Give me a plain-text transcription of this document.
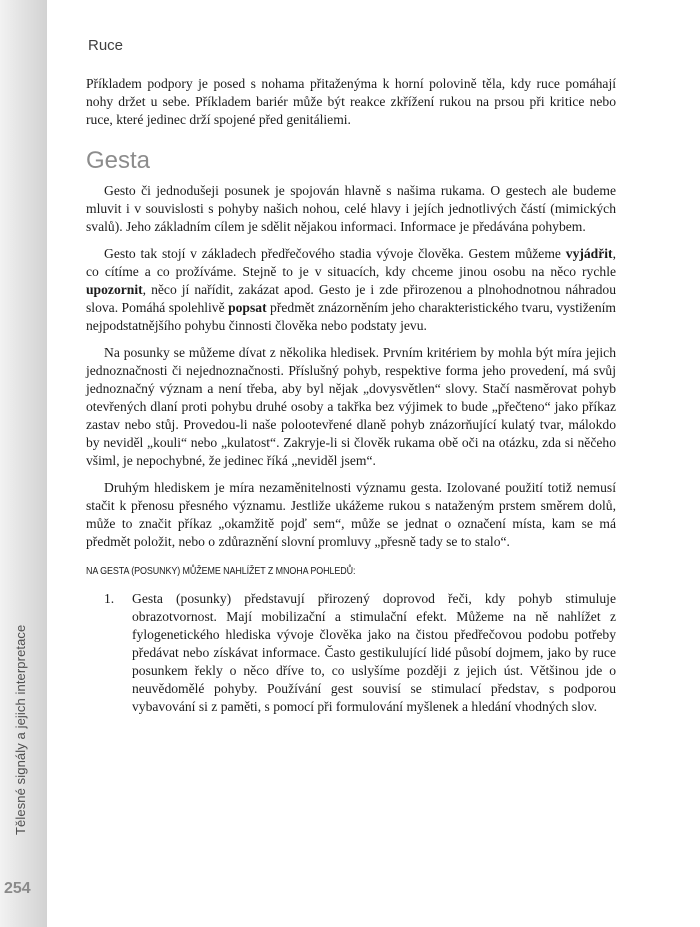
Tělesné signály a jejich interpretace
254
Ruce

Příkladem podpory je posed s nohama přitaženýma k horní polovině těla, kdy ruce pomáhají nohy držet u sebe. Příkladem bariér může být reakce zkřížení rukou na prsou při kritice nebo ruce, které jedinec drží spojené před genitáliemi.

Gesta

Gesto či jednodušeji posunek je spojován hlavně s našima rukama. O gestech ale budeme mluvit i v souvislosti s pohyby našich nohou, celé hlavy i jejích jednotlivých částí (mimických svalů). Jeho základním cílem je sdělit nějakou informaci. Informace je předávána pohybem.

Gesto tak stojí v základech předřečového stadia vývoje člověka. Gestem můžeme vyjádřit, co cítíme a co prožíváme. Stejně to je v situacích, kdy chceme jinou osobu na něco rychle upozornit, něco jí nařídit, zakázat apod. Gesto je i zde přirozenou a plnohodnotnou náhradou slova. Pomáhá spolehlivě popsat předmět znázorněním jeho charakteristického tvaru, vystižením nejpodstatnějšího pohybu činnosti člověka nebo podstaty jevu.

Na posunky se můžeme dívat z několika hledisek. Prvním kritériem by mohla být míra jejich jednoznačnosti či nejednoznačnosti. Příslušný pohyb, respektive forma jeho provedení, má svůj jednoznačný význam a není třeba, aby byl nějak „dovysvětlen“ slovy. Stačí nasměrovat pohyb otevřených dlaní proti pohybu druhé osoby a takřka bez výjimek to bude „přečteno“ jako příkaz zastav nebo stůj. Provedou-li naše polootevřené dlaně pohyb znázorňující kulatý tvar, málokdo by neviděl „kouli“ nebo „kulatost“. Zakryje-li si člověk rukama obě oči na otázku, zda si něčeho všiml, je nepochybné, že jedinec říká „neviděl jsem“.

Druhým hlediskem je míra nezaměnitelnosti významu gesta. Izolované použití totiž nemusí stačit k přenosu přesného významu. Jestliže ukážeme rukou s nataženým prstem směrem dolů, může to značit příkaz „okamžitě pojď sem“, může se jednat o označení místa, kam se má předmět položit, nebo o zdůraznění slovní promluvy „přesně tady se to stalo“.

NA GESTA (POSUNKY) MŮŽEME NAHLÍŽET Z MNOHA POHLEDŮ:
1. Gesta (posunky) představují přirozený doprovod řeči, kdy pohyb stimuluje obrazotvornost. Mají mobilizační a stimulační efekt. Můžeme na ně nahlížet z fylogenetického hlediska vývoje člověka jako na čistou předřečovou podobu potřeby předávat nebo získávat informace. Často gestikulující lidé působí dojmem, jako by ruce posunkem řekly o něco dříve to, co uslyšíme později z jejich úst. Většinou jde o neuvědomělé pohyby. Používání gest souvisí se stimulací představ, s podporou vybavování si z paměti, s pomocí při formulování myšlenek a hledání vhodných slov.
